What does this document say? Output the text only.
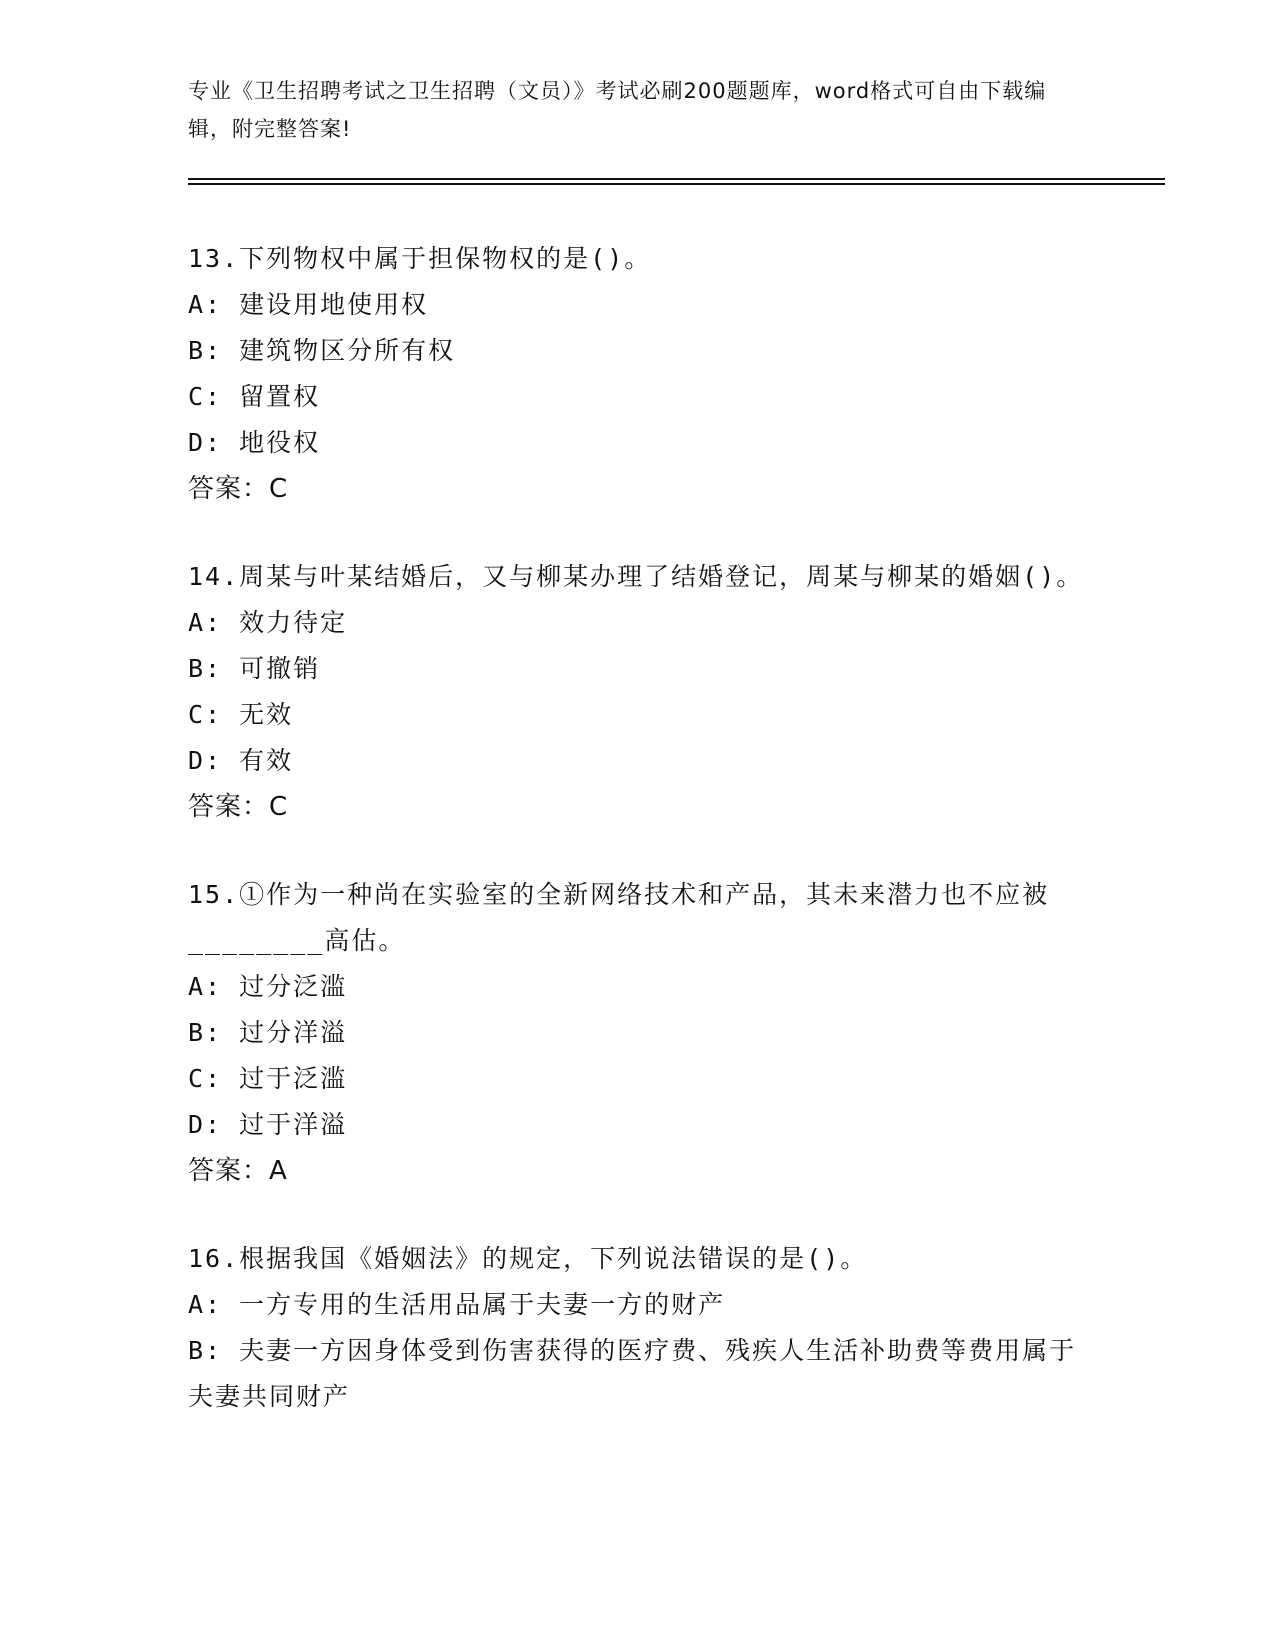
专业《卫生招聘考试之卫生招聘（文员）》考试必刷200题题库，word格式可自由下载编辑，附完整答案!
13.下列物权中属于担保物权的是()。
A: 建设用地使用权
B: 建筑物区分所有权
C: 留置权
D: 地役权
答案：C
14.周某与叶某结婚后，又与柳某办理了结婚登记，周某与柳某的婚姻()。
A: 效力待定
B: 可撤销
C: 无效
D: 有效
答案：C
15.①作为一种尚在实验室的全新网络技术和产品，其未来潜力也不应被________高估。
A: 过分泛滥
B: 过分洋溢
C: 过于泛滥
D: 过于洋溢
答案：A
16.根据我国《婚姻法》的规定，下列说法错误的是()。
A: 一方专用的生活用品属于夫妻一方的财产
B: 夫妻一方因身体受到伤害获得的医疗费、残疾人生活补助费等费用属于夫妻共同财产
